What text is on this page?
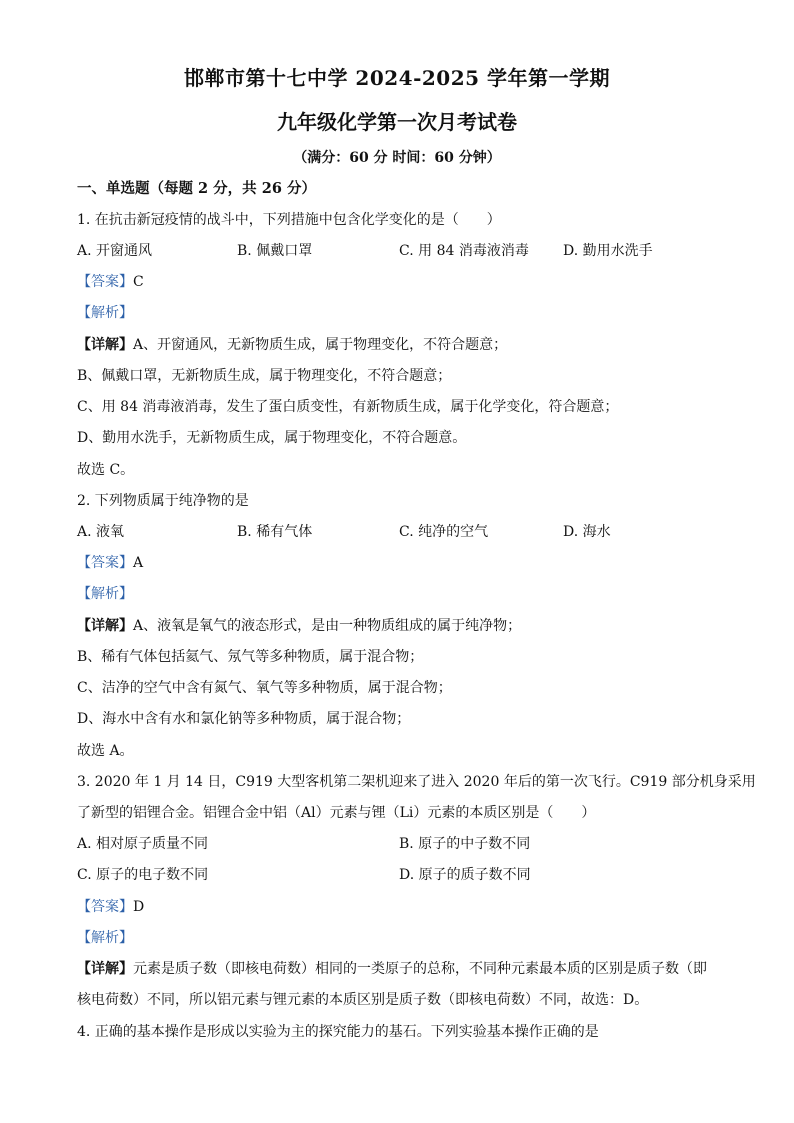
邯郸市第十七中学 2024-2025 学年第一学期
九年级化学第一次月考试卷
（满分：60 分 时间：60 分钟）
一、单选题（每题 2 分，共 26 分）
1. 在抗击新冠疫情的战斗中，下列措施中包含化学变化的是（　　）
A. 开窗通风	B. 佩戴口罩	C. 用 84 消毒液消毒 D. 勤用水洗手
【答案】C
【解析】
【详解】A、开窗通风，无新物质生成，属于物理变化，不符合题意；
B、佩戴口罩，无新物质生成，属于物理变化，不符合题意；
C、用 84 消毒液消毒，发生了蛋白质变性，有新物质生成，属于化学变化，符合题意；
D、勤用水洗手，无新物质生成，属于物理变化，不符合题意。
故选 C。
2. 下列物质属于纯净物的是
A. 液氧	B. 稀有气体	C. 纯净的空气	D. 海水
【答案】A
【解析】
【详解】A、液氧是氧气的液态形式，是由一种物质组成的属于纯净物；
B、稀有气体包括氦气、氖气等多种物质，属于混合物；
C、洁净的空气中含有氮气、氧气等多种物质，属于混合物；
D、海水中含有水和氯化钠等多种物质，属于混合物；
故选 A。
3. 2020 年 1 月 14 日，C919 大型客机第二架机迎来了进入 2020 年后的第一次飞行。C919 部分机身采用
了新型的铝锂合金。铝锂合金中铝（Al）元素与锂（Li）元素的本质区别是（　　）
A. 相对原子质量不同	B. 原子的中子数不同
C. 原子的电子数不同	D. 原子的质子数不同
【答案】D
【解析】
【详解】元素是质子数（即核电荷数）相同的一类原子的总称，不同种元素最本质的区别是质子数（即
核电荷数）不同，所以铝元素与锂元素的本质区别是质子数（即核电荷数）不同，故选：D。
4. 正确的基本操作是形成以实验为主的探究能力的基石。下列实验基本操作正确的是
